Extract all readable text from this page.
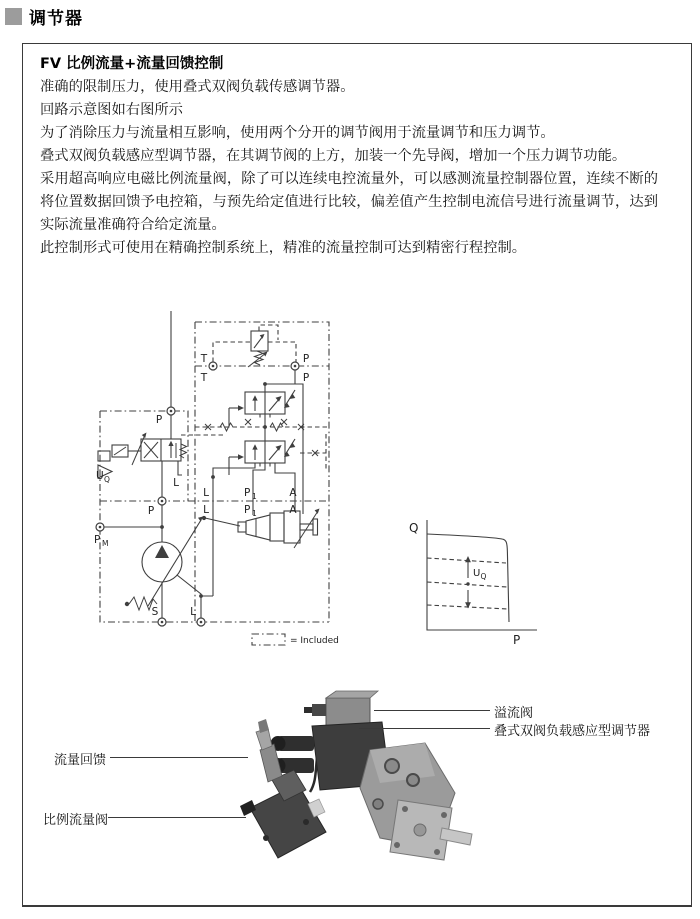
调节器
FV 比例流量+流量回馈控制

准确的限制压力，使用叠式双阀负载传感调节器。

回路示意图如右图所示

为了消除压力与流量相互影响，使用两个分开的调节阀用于流量调节和压力调节。

叠式双阀负载感应型调节器，在其调节阀的上方，加装一个先导阀，增加一个压力调节功能。

采用超高响应电磁比例流量阀，除了可以连续电控流量外，可以感测流量控制器位置，连续不断的将位置数据回馈予电控箱，与预先给定值进行比较，偏差值产生控制电流信号进行流量调节，达到实际流量准确符合给定流量。

此控制形式可使用在精确控制系统上，精准的流量控制可达到精密行程控制。

T
T
P
P
U Q	L
P
P
P M
S	L
L
L
P 1
P 1
A
A
= Included
U Q
Q
P
溢流阀
叠式双阀负载感应型调节器
流量回馈
比例流量阀
